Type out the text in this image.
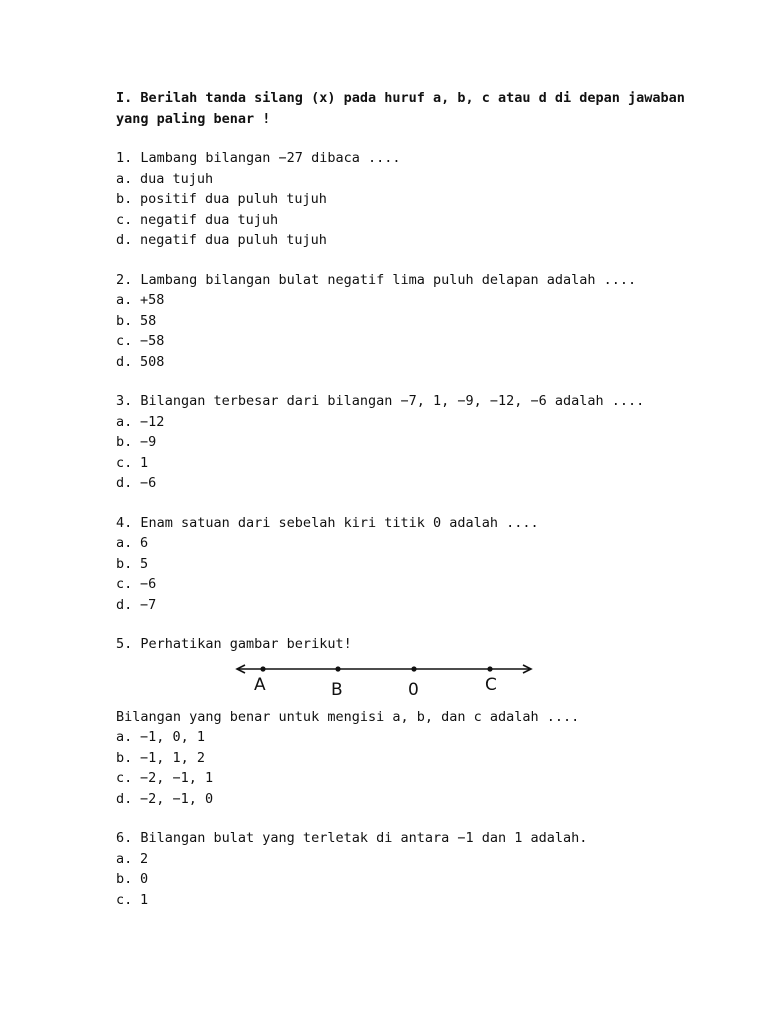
I. Berilah tanda silang (x) pada huruf a, b, c atau d di depan jawaban
yang paling benar !
1. Lambang bilangan −27 dibaca ....
a. dua tujuh
b. positif dua puluh tujuh
c. negatif dua tujuh
d. negatif dua puluh tujuh
2. Lambang bilangan bulat negatif lima puluh delapan adalah ....
a. +58
b. 58
c. −58
d. 508
3. Bilangan terbesar dari bilangan −7, 1, −9, −12, −6 adalah ....
a. −12
b. −9
c. 1
d. −6
4. Enam satuan dari sebelah kiri titik 0 adalah ....
a. 6
b. 5
c. −6
d. −7
5. Perhatikan gambar berikut!
A	B	0	C
Bilangan yang benar untuk mengisi a, b, dan c adalah ....
a. −1, 0, 1
b. −1, 1, 2
c. −2, −1, 1
d. −2, −1, 0
6. Bilangan bulat yang terletak di antara −1 dan 1 adalah.
a. 2
b. 0
c. 1
